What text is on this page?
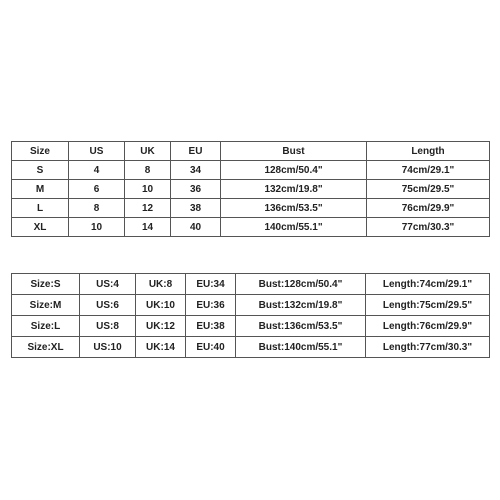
Size	US	UK	EU	Bust	Length
S	4	8	34	128cm/50.4"	74cm/29.1"
M	6	10	36	132cm/19.8"	75cm/29.5"
L	8	12	38	136cm/53.5"	76cm/29.9"
XL	10	14	40	140cm/55.1"	77cm/30.3"
Size:S	US:4	UK:8	EU:34	Bust:128cm/50.4"	Length:74cm/29.1"
Size:M	US:6	UK:10	EU:36	Bust:132cm/19.8"	Length:75cm/29.5"
Size:L	US:8	UK:12	EU:38	Bust:136cm/53.5"	Length:76cm/29.9"
Size:XL	US:10	UK:14	EU:40	Bust:140cm/55.1"	Length:77cm/30.3"
